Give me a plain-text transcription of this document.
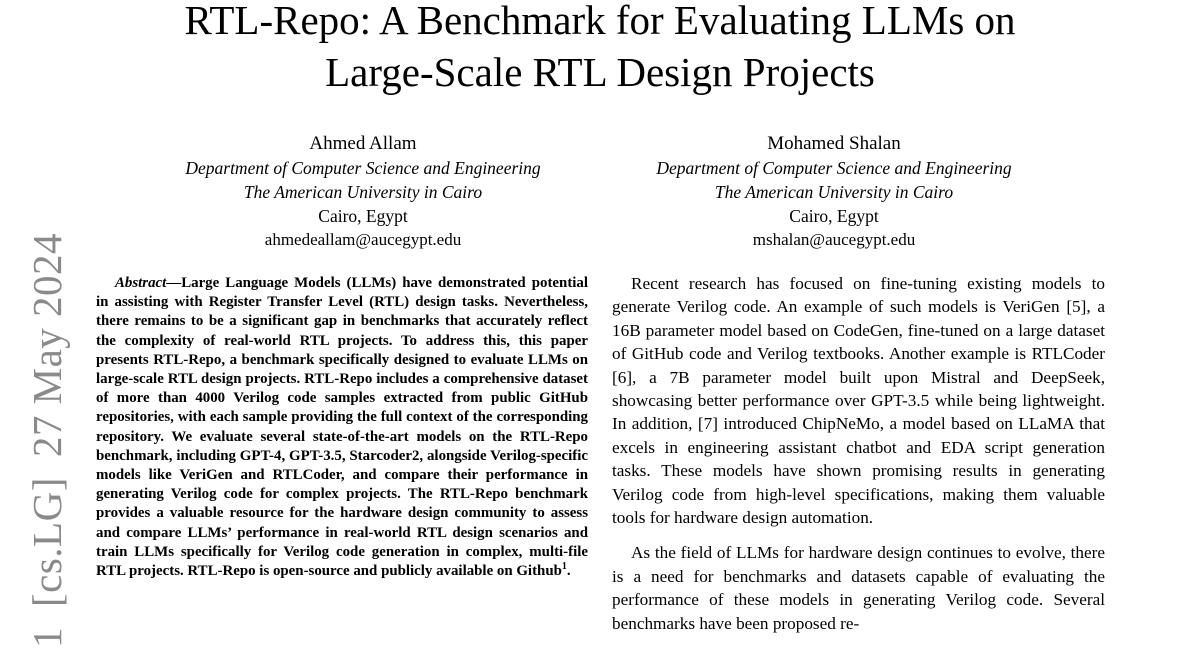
RTL-Repo: A Benchmark for Evaluating LLMs on
Large-Scale RTL Design Projects
1[cs.LG]27 May 2024
Ahmed Allam
Department of Computer Science and Engineering
The American University in Cairo
Cairo, Egypt
ahmedeallam@aucegypt.edu
Mohamed Shalan
Department of Computer Science and Engineering
The American University in Cairo
Cairo, Egypt
mshalan@aucegypt.edu
Abstract—Large Language Models (LLMs) have demonstrated potential in assisting with Register Transfer Level (RTL) design tasks. Nevertheless, there remains to be a significant gap in benchmarks that accurately reflect the complexity of real-world RTL projects. To address this, this paper presents RTL-Repo, a benchmark specifically designed to evaluate LLMs on large-scale RTL design projects. RTL-Repo includes a comprehensive dataset of more than 4000 Verilog code samples extracted from public GitHub repositories, with each sample providing the full context of the corresponding repository. We evaluate several state-of-the-art models on the RTL-Repo benchmark, including GPT-4, GPT-3.5, Starcoder2, alongside Verilog-specific models like VeriGen and RTLCoder, and compare their performance in generating Verilog code for complex projects. The RTL-Repo benchmark provides a valuable resource for the hardware design community to assess and compare LLMs’ performance in real-world RTL design scenarios and train LLMs specifically for Verilog code generation in complex, multi-file RTL projects. RTL-Repo is open-source and publicly available on Github$^1$.

Recent research has focused on fine-tuning existing models to generate Verilog code. An example of such models is VeriGen [5], a 16B parameter model based on CodeGen, fine-tuned on a large dataset of GitHub code and Verilog textbooks. Another example is RTLCoder [6], a 7B parameter model built upon Mistral and DeepSeek, showcasing better performance over GPT-3.5 while being lightweight. In addition, [7] introduced ChipNeMo, a model based on LLaMA that excels in engineering assistant chatbot and EDA script generation tasks. These models have shown promising results in generating Verilog code from high-level specifications, making them valuable tools for hardware design automation.

As the field of LLMs for hardware design continues to evolve, there is a need for benchmarks and datasets capable of evaluating the performance of these models in generating Verilog code. Several benchmarks have been proposed re-
